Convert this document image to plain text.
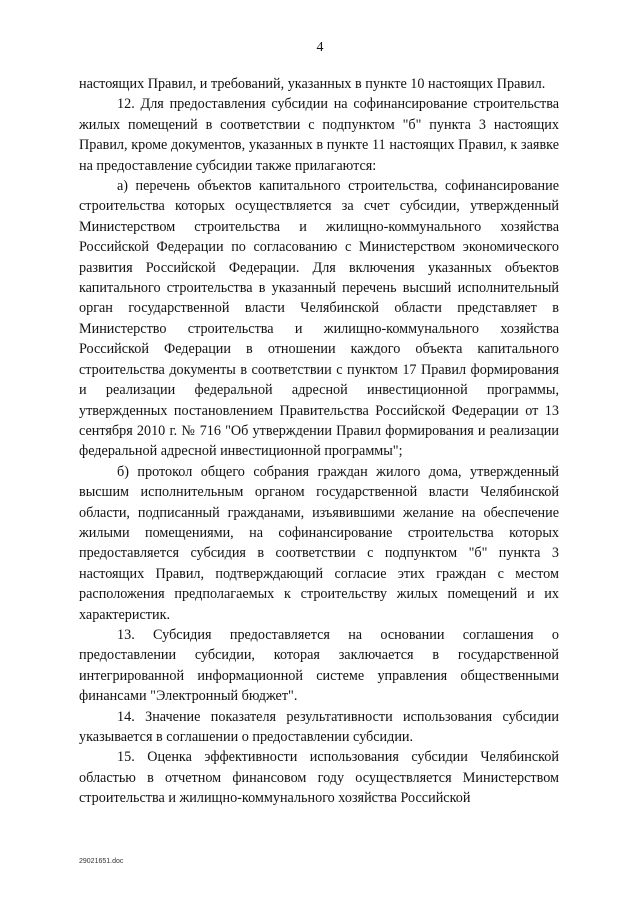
4

настоящих Правил, и требований, указанных в пункте 10 настоящих Правил.

12. Для предоставления субсидии на софинансирование строительства жилых помещений в соответствии с подпунктом "б" пункта 3 настоящих Правил, кроме документов, указанных в пункте 11 настоящих Правил, к заявке на предоставление субсидии также прилагаются:

а) перечень объектов капитального строительства, софинансирование строительства которых осуществляется за счет субсидии, утвержденный Министерством строительства и жилищно-коммунального хозяйства Российской Федерации по согласованию с Министерством экономического развития Российской Федерации. Для включения указанных объектов капитального строительства в указанный перечень высший исполнительный орган государственной власти Челябинской области представляет в Министерство строительства и жилищно-коммунального хозяйства Российской Федерации в отношении каждого объекта капитального строительства документы в соответствии с пунктом 17 Правил формирования и реализации федеральной адресной инвестиционной программы, утвержденных постановлением Правительства Российской Федерации от 13 сентября 2010 г. № 716 "Об утверждении Правил формирования и реализации федеральной адресной инвестиционной программы";

б) протокол общего собрания граждан жилого дома, утвержденный высшим исполнительным органом государственной власти Челябинской области, подписанный гражданами, изъявившими желание на обеспечение жилыми помещениями, на софинансирование строительства которых предоставляется субсидия в соответствии с подпунктом "б" пункта 3 настоящих Правил, подтверждающий согласие этих граждан с местом расположения предполагаемых к строительству жилых помещений и их характеристик.

13. Субсидия предоставляется на основании соглашения о предоставлении субсидии, которая заключается в государственной интегрированной информационной системе управления общественными финансами "Электронный бюджет".

14. Значение показателя результативности использования субсидии указывается в соглашении о предоставлении субсидии.

15. Оценка эффективности использования субсидии Челябинской областью в отчетном финансовом году осуществляется Министерством строительства и жилищно-коммунального хозяйства Российской

29021651.doc
